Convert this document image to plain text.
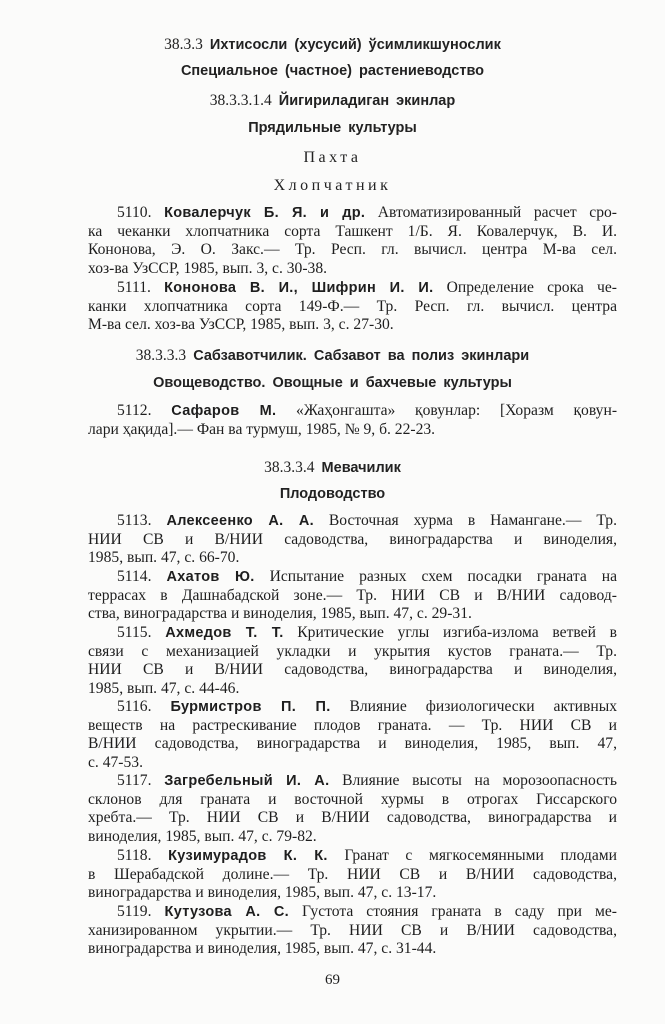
38.3.3 Ихтисосли (хусусий) ўсимликшунослик
Специальное (частное) растениеводство
38.3.3.1.4 Йигириладиган экинлар
Прядильные культуры
Пахта
Хлопчатник
5110. Ковалерчук Б. Я. и др. Автоматизированный расчет сро-
ка чеканки хлопчатника сорта Ташкент 1/Б. Я. Ковалерчук, В. И.
Кононова, Э. О. Закс.— Тр. Респ. гл. вычисл. центра М-ва сел.
хоз-ва УзССР, 1985, вып. 3, с. 30-38.
5111. Кононова В. И., Шифрин И. И. Определение срока че-
канки хлопчатника сорта 149-Ф.— Тр. Респ. гл. вычисл. центра
М-ва сел. хоз-ва УзССР, 1985, вып. 3, с. 27-30.
38.3.3.3 Сабзавотчилик. Сабзавот ва полиз экинлари
Овощеводство. Овощные и бахчевые культуры
5112. Сафаров М. «Жаҳонгашта» қовунлар: [Хоразм қовун-
лари ҳақида].— Фан ва турмуш, 1985, № 9, б. 22-23.
38.3.3.4 Мевачилик
Плодоводство
5113. Алексеенко А. А. Восточная хурма в Намангане.— Тр.
НИИ СВ и В/НИИ садоводства, виноградарства и виноделия,
1985, вып. 47, с. 66-70.
5114. Ахатов Ю. Испытание разных схем посадки граната на
террасах в Дашнабадской зоне.— Тр. НИИ СВ и В/НИИ садовод-
ства, виноградарства и виноделия, 1985, вып. 47, с. 29-31.
5115. Ахмедов Т. Т. Критические углы изгиба-излома ветвей в
связи с механизацией укладки и укрытия кустов граната.— Тр.
НИИ СВ и В/НИИ садоводства, виноградарства и виноделия,
1985, вып. 47, с. 44-46.
5116. Бурмистров П. П. Влияние физиологически активных
веществ на растрескивание плодов граната. — Тр. НИИ СВ и
В/НИИ садоводства, виноградарства и виноделия, 1985, вып. 47,
с. 47-53.
5117. Загребельный И. А. Влияние высоты на морозоопасность
склонов для граната и восточной хурмы в отрогах Гиссарского
хребта.— Тр. НИИ СВ и В/НИИ садоводства, виноградарства и
виноделия, 1985, вып. 47, с. 79-82.
5118. Кузимурадов К. К. Гранат с мягкосемянными плодами
в Шерабадской долине.— Тр. НИИ СВ и В/НИИ садоводства,
виноградарства и виноделия, 1985, вып. 47, с. 13-17.
5119. Кутузова А. С. Густота стояния граната в саду при ме-
ханизированном укрытии.— Тр. НИИ СВ и В/НИИ садоводства,
виноградарства и виноделия, 1985, вып. 47, с. 31-44.
69
